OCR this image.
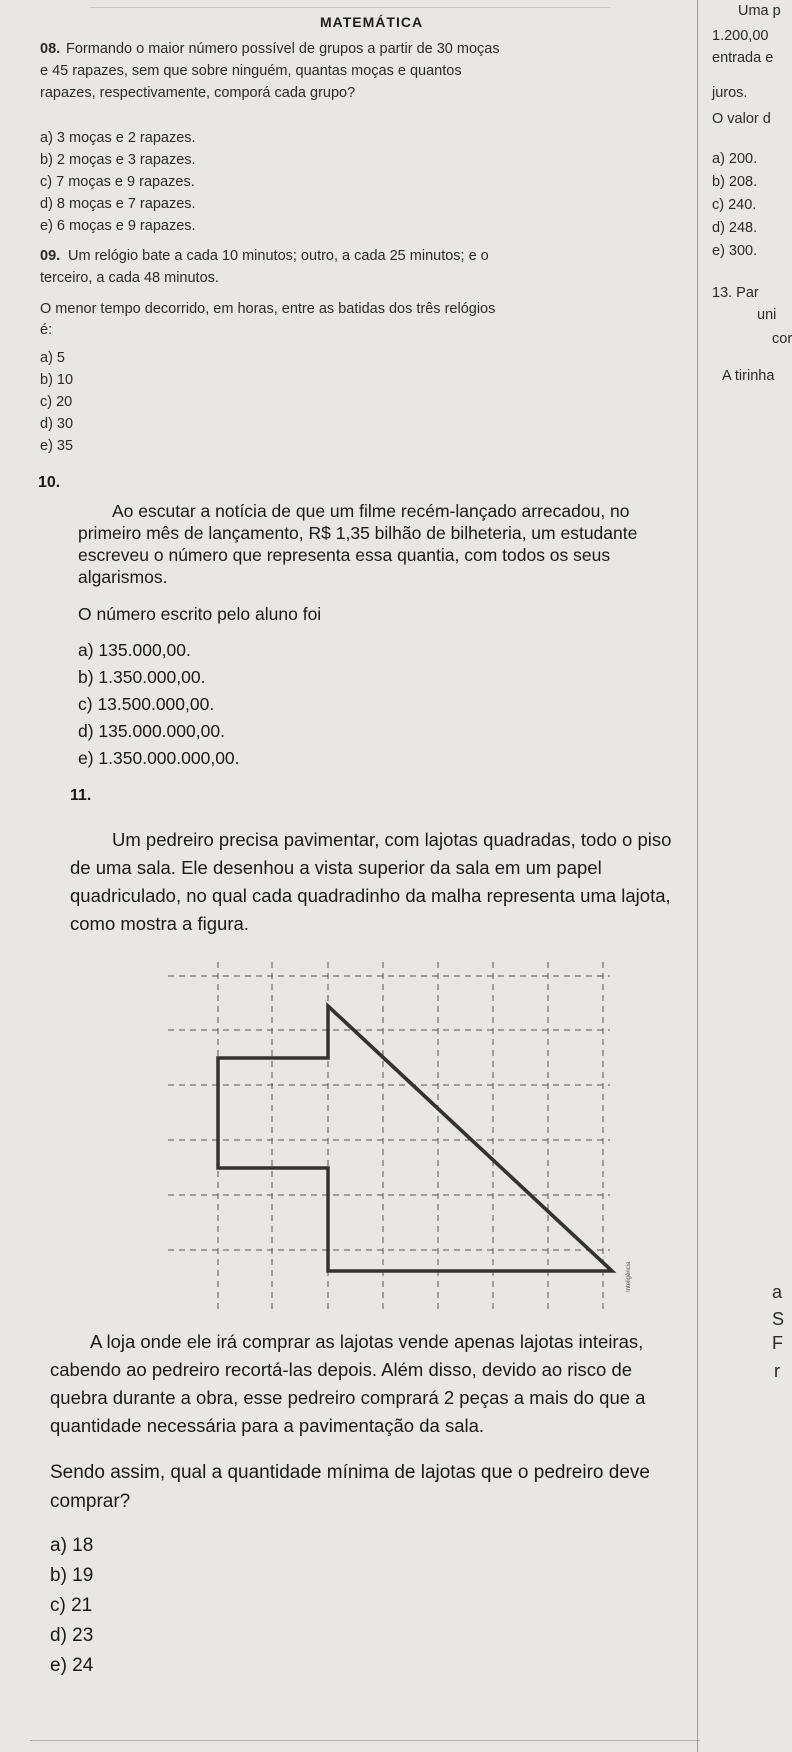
MATEMÁTICA
08. Formando o maior número possível de grupos a partir de 30 moças
e 45 rapazes, sem que sobre ninguém, quantas moças e quantos
rapazes, respectivamente, comporá cada grupo?
a) 3 moças e 2 rapazes.
b) 2 moças e 3 rapazes.
c) 7 moças e 9 rapazes.
d) 8 moças e 7 rapazes.
e) 6 moças e 9 rapazes.
09. Um relógio bate a cada 10 minutos; outro, a cada 25 minutos; e o
terceiro, a cada 48 minutos.
O menor tempo decorrido, em horas, entre as batidas dos três relógios
é:
a) 5
b) 10
c) 20
d) 30
e) 35
10.
Ao escutar a notícia de que um filme recém-lançado arrecadou, no
primeiro mês de lançamento, R$ 1,35 bilhão de bilheteria, um estudante
escreveu o número que representa essa quantia, com todos os seus
algarismos.
O número escrito pelo aluno foi
a) 135.000,00.
b) 1.350.000,00.
c) 13.500.000,00.
d) 135.000.000,00.
e) 1.350.000.000,00.
11.
Um pedreiro precisa pavimentar, com lajotas quadradas, todo o piso
de uma sala. Ele desenhou a vista superior da sala em um papel
quadriculado, no qual cada quadradinho da malha representa uma lajota,
como mostra a figura.
Inteligência
A loja onde ele irá comprar as lajotas vende apenas lajotas inteiras,
cabendo ao pedreiro recortá-las depois. Além disso, devido ao risco de
quebra durante a obra, esse pedreiro comprará 2 peças a mais do que a
quantidade necessária para a pavimentação da sala.
Sendo assim, qual a quantidade mínima de lajotas que o pedreiro deve
comprar?
a) 18
b) 19
c) 21
d) 23
e) 24
Uma p
1.200,00
entrada e
juros.
O valor d
a) 200.
b) 208.
c) 240.
d) 248.
e) 300.
13. Par
uni
cor
A tirinha
a
S
F
r
